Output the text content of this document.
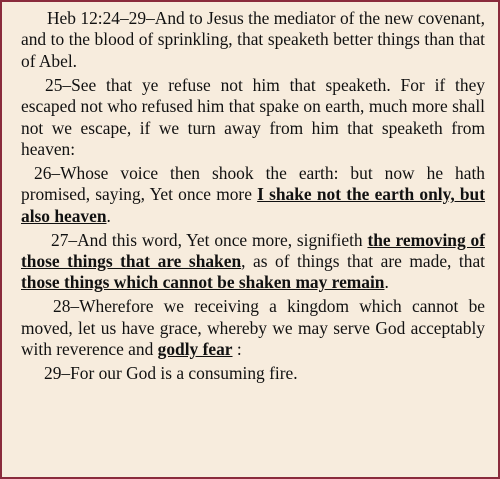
Heb 12:24–29–And to Jesus the mediator of the new covenant, and to the blood of sprinkling, that speaketh better things than that of Abel.

25–See that ye refuse not him that speaketh. For if they escaped not who refused him that spake on earth, much more shall not we escape, if we turn away from him that speaketh from heaven:

26–Whose voice then shook the earth: but now he hath promised, saying, Yet once more I shake not the earth only, but also heaven.

27–And this word, Yet once more, signifieth the removing of those things that are shaken, as of things that are made, that those things which cannot be shaken may remain.

28–Wherefore we receiving a kingdom which cannot be moved, let us have grace, whereby we may serve God acceptably with reverence and godly fear :

29–For our God is a consuming fire.
